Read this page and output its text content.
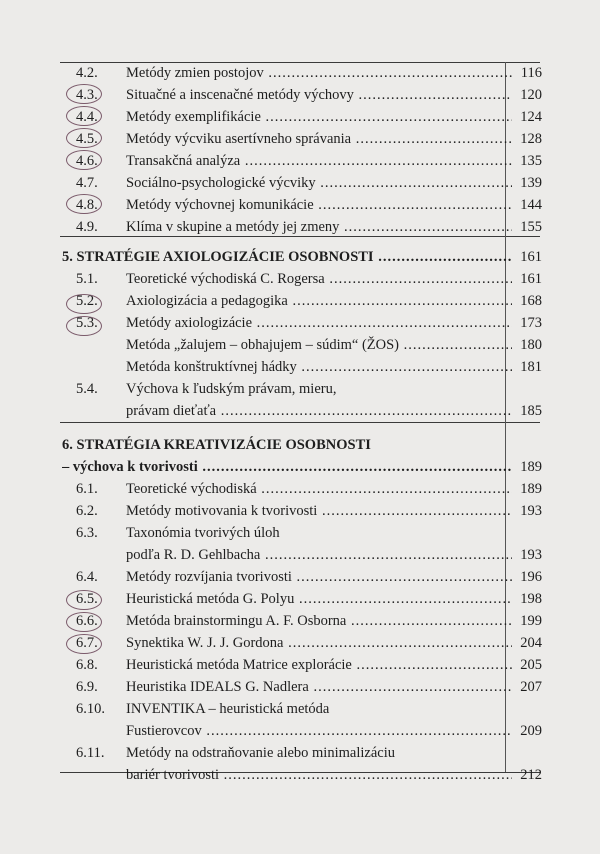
4.2.	Metódy zmien postojov .....	116
4.3.	Situačné a inscenačné metódy výchovy .....	120
4.4.	Metódy exemplifikácie .....	124
4.5.	Metódy výcviku asertívneho správania .....	128
4.6.	Transakčná analýza .....	135
4.7.	Sociálno-psychologické výcviky .....	139
4.8.	Metódy výchovnej komunikácie .....	144
4.9.	Klíma v skupine a metódy jej zmeny .....	155
5. STRATÉGIE AXIOLOGIZÁCIE OSOBNOSTI .....	161
5.1.	Teoretické východiská C. Rogersa .....	161
5.2.	Axiologizácia a pedagogika .....	168
5.3.	Metódy axiologizácie .....	173
Metóda „žalujem – obhajujem – súdim“ (ŽOS) .....	180
Metóda konštruktívnej hádky .....	181
5.4.	Výchova k ľudským právam, mieru,
právam dieťaťa .....	185
6. STRATÉGIA KREATIVIZÁCIE OSOBNOSTI
– výchova k tvorivosti .....	189
6.1.	Teoretické východiská .....	189
6.2.	Metódy motivovania k tvorivosti .....	193
6.3.	Taxonómia tvorivých úloh
podľa R. D. Gehlbacha .....	193
6.4.	Metódy rozvíjania tvorivosti .....	196
6.5.	Heuristická metóda G. Polyu .....	198
6.6.	Metóda brainstormingu A. F. Osborna .....	199
6.7.	Synektika W. J. J. Gordona .....	204
6.8.	Heuristická metóda Matrice explorácie .....	205
6.9.	Heuristika IDEALS G. Nadlera .....	207
6.10.	INVENTIKA – heuristická metóda
Fustierovcov .....	209
6.11.	Metódy na odstraňovanie alebo minimalizáciu
bariér tvorivosti .....	212
